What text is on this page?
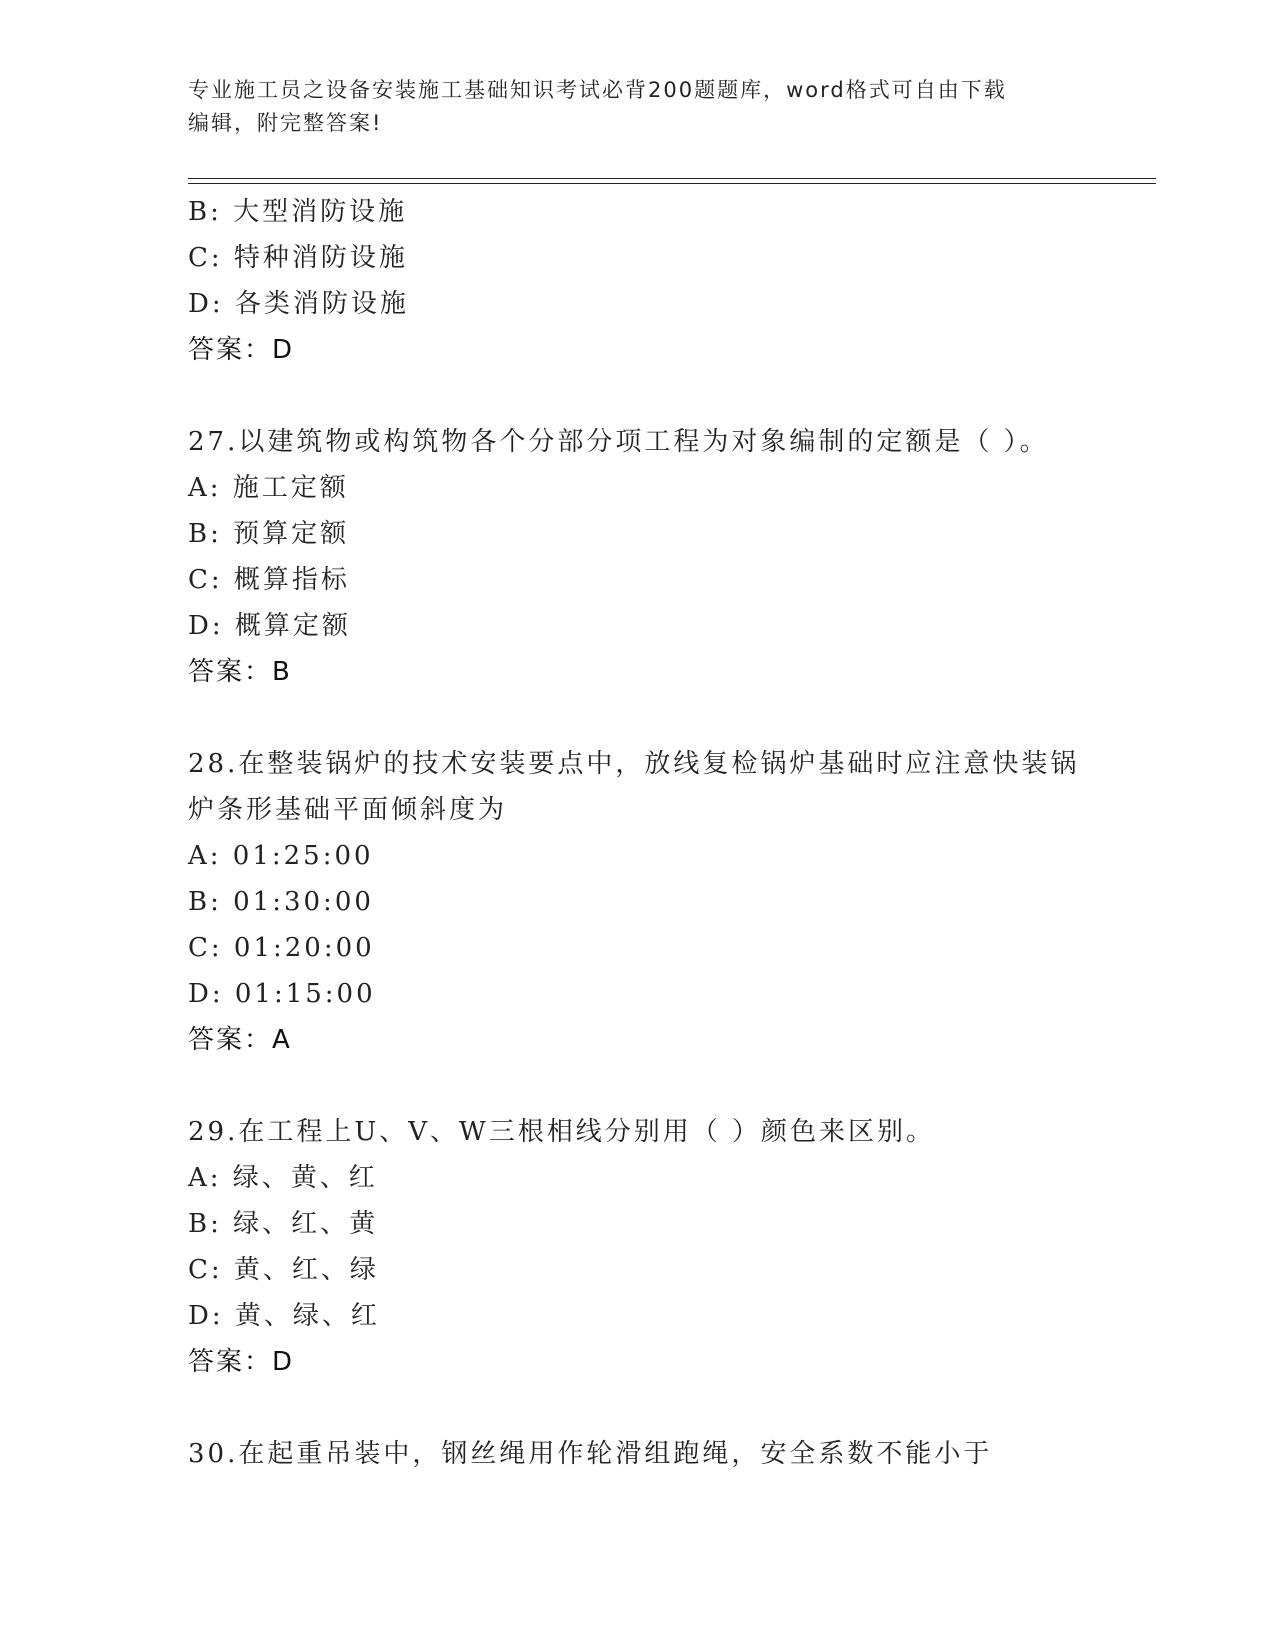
专业施工员之设备安装施工基础知识考试必背200题题库，word格式可自由下载
编辑，附完整答案!
B: 大型消防设施
C: 特种消防设施
D: 各类消防设施
答案：D
27.以建筑物或构筑物各个分部分项工程为对象编制的定额是（ ）。
A: 施工定额
B: 预算定额
C: 概算指标
D: 概算定额
答案：B
28.在整装锅炉的技术安装要点中，放线复检锅炉基础时应注意快装锅
炉条形基础平面倾斜度为
A: 01:25:00
B: 01:30:00
C: 01:20:00
D: 01:15:00
答案：A
29.在工程上U、V、W三根相线分别用（ ）颜色来区别。
A: 绿、黄、红
B: 绿、红、黄
C: 黄、红、绿
D: 黄、绿、红
答案：D
30.在起重吊装中，钢丝绳用作轮滑组跑绳，安全系数不能小于
